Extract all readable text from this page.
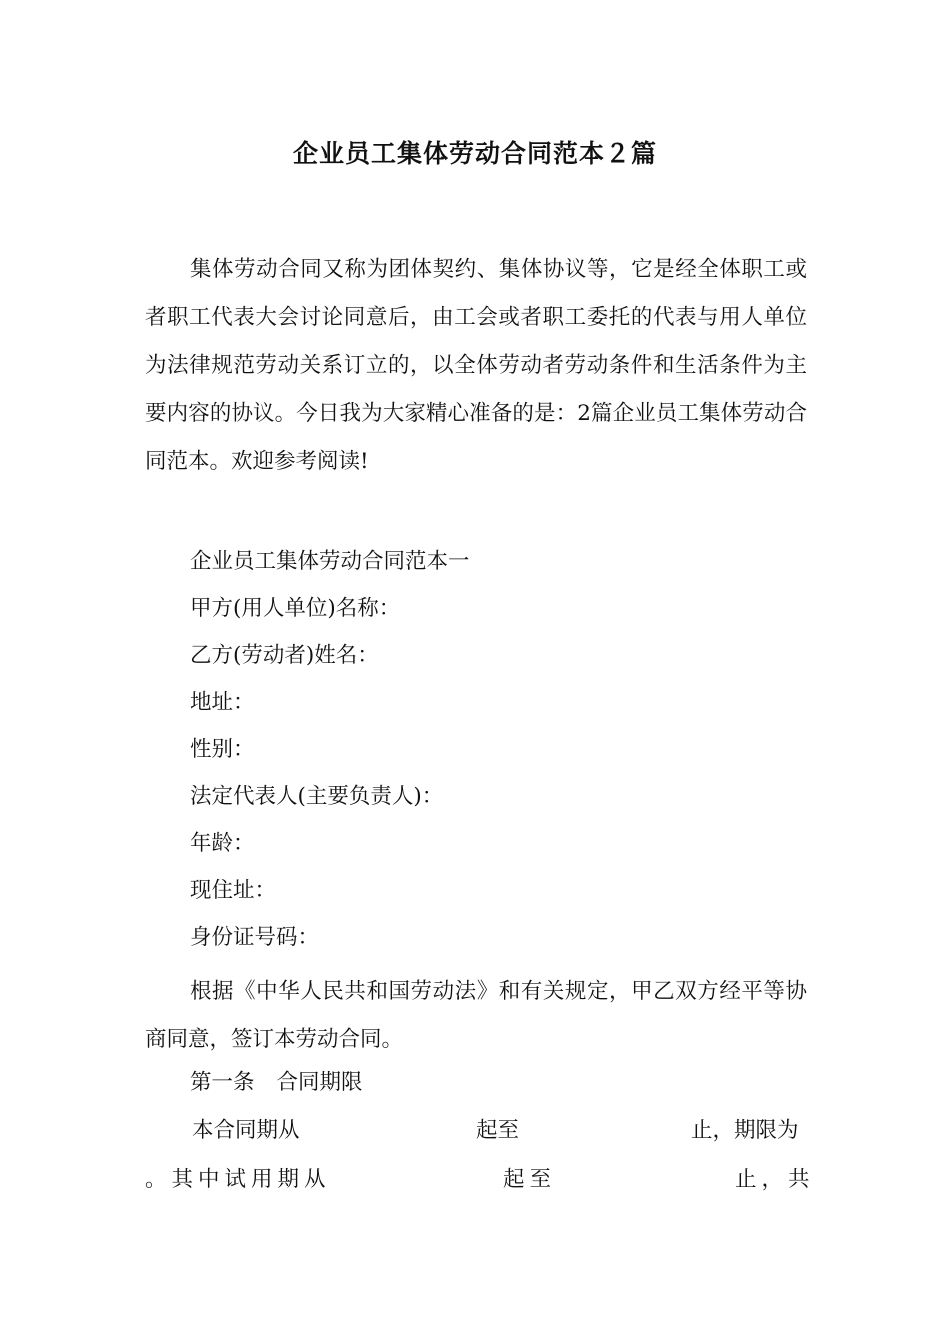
企业员工集体劳动合同范本２篇

集体劳动合同又称为团体契约、集体协议等，它是经全体职工或者职工代表大会讨论同意后，由工会或者职工委托的代表与用人单位为法律规范劳动关系订立的，以全体劳动者劳动条件和生活条件为主要内容的协议。今日我为大家精心准备的是：2篇企业员工集体劳动合同范本。欢迎参考阅读!

企业员工集体劳动合同范本一
甲方(用人单位)名称：
乙方(劳动者)姓名：
地址：
性别：
法定代表人(主要负责人)：
年龄：
现住址：
身份证号码：

根据《中华人民共和国劳动法》和有关规定，甲乙双方经平等协商同意，签订本劳动合同。

第一条 合同期限
本合同期从	起至	止，期限为
。其中试用期从	起至	止，共
